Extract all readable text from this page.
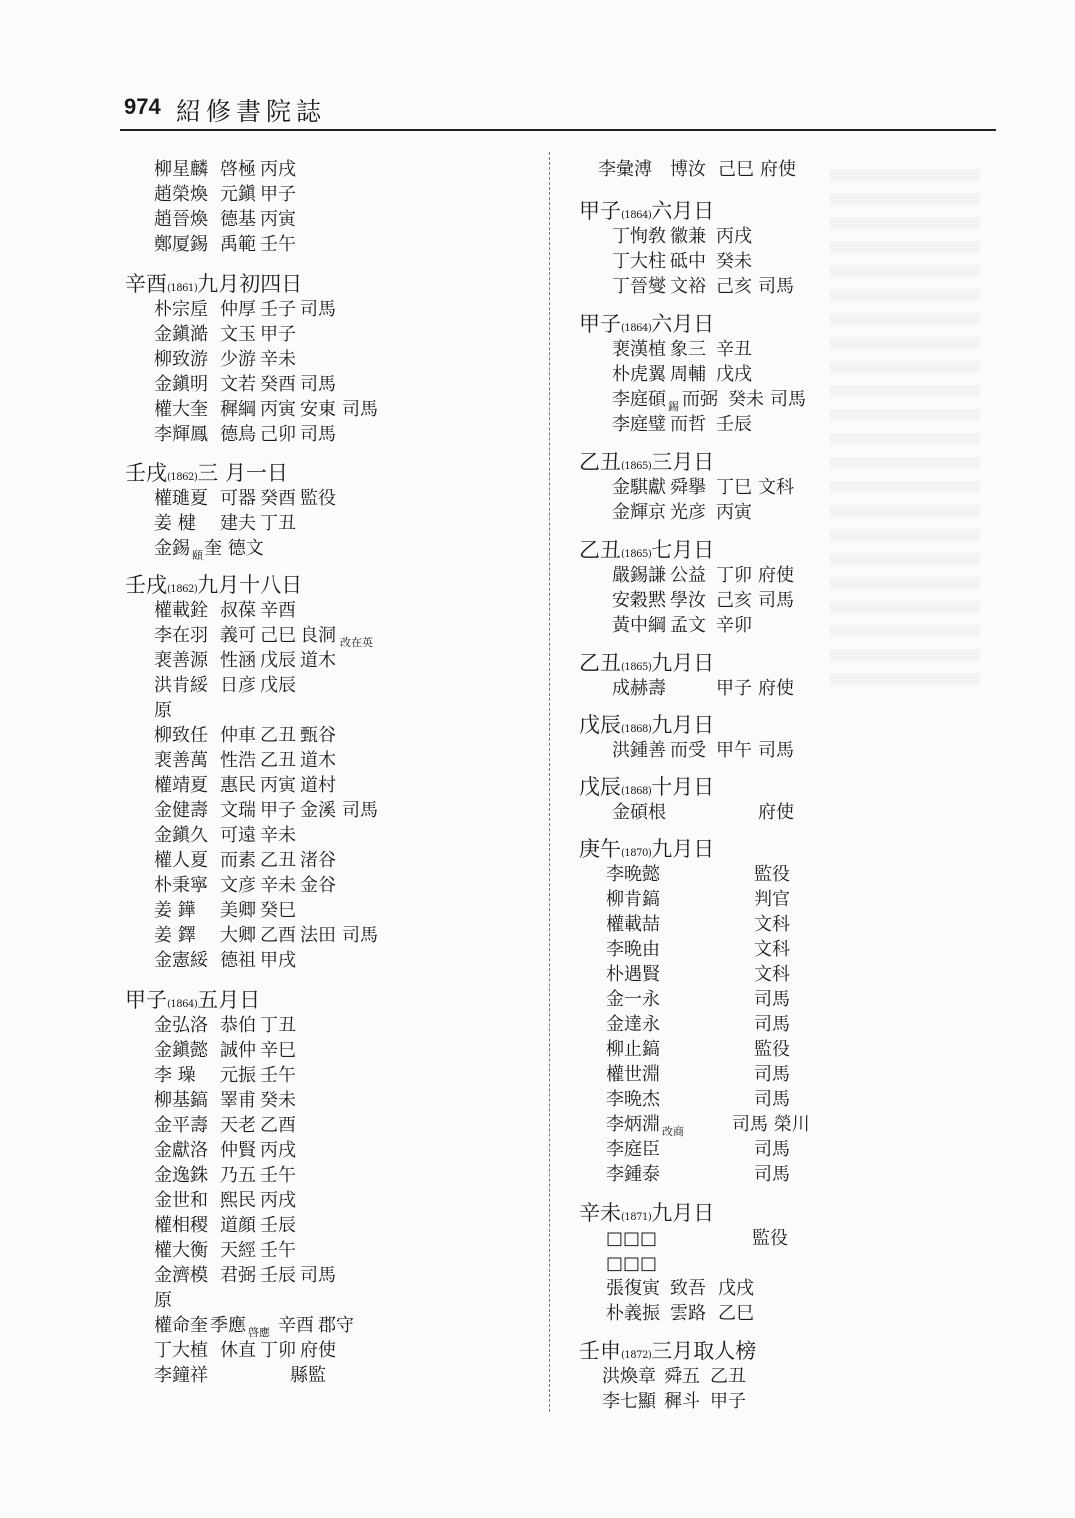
974 紹修書院誌
柳星麟 啓極 丙戌
趙榮煥 元鎭 甲子
趙晉煥 德基 丙寅
鄭厦錫 禹範 壬午
辛酉(1861)九月初四日
朴宗垕 仲厚 壬子 司馬
金鎭澔 文玉 甲子
柳致游 少游 辛未
金鎭明 文若 癸酉 司馬
權大奎 穉綱 丙寅 安東 司馬
李輝鳳 德鳥 己卯 司馬
壬戌(1862)三 月一日
權璡夏 可器 癸酉 監役
姜 楗 建夫 丁丑
金錫 頤 奎 德文
壬戌(1862)九月十八日
權載銓 叔葆 辛酉
李在羽 義可 己巳 良洞 改在英
裵善源 性涵 戊辰 道木
洪肯綏 日彦 戊辰
原
柳致任 仲車 乙丑 甄谷
裵善萬 性浩 乙丑 道木
權靖夏 惠民 丙寅 道村
金健壽 文瑞 甲子 金溪 司馬
金鎭久 可遠 辛未
權人夏 而素 乙丑 渚谷
朴秉寧 文彦 辛未 金谷
姜 鏵 美卿 癸巳
姜 鐸 大卿 乙酉 法田 司馬
金憲綏 德祖 甲戌
甲子(1864)五月日
金弘洛 恭伯 丁丑
金鎭懿 誠仲 辛巳
李 璪 元振 壬午
柳基鎬 睪甫 癸未
金平壽 天老 乙酉
金獻洛 仲賢 丙戌
金逸銖 乃五 壬午
金世和 熙民 丙戌
權相稷 道顔 壬辰
權大衡 天經 壬午
金濟模 君弼 壬辰 司馬
原
權命奎 季應 啓應 辛酉 郡守
丁大植 休直 丁卯 府使
李鐘祥	縣監
李彙溥 博汝 己巳 府使
甲子(1864)六月日
丁恂敎 徽兼 丙戌
丁大柱 砥中 癸未
丁晉燮 文裕 己亥 司馬
甲子(1864)六月日
裵漢植 象三 辛丑
朴虎翼 周輔 戊戌
李庭碩 錫 而弼 癸未 司馬
李庭璧 而哲 壬辰
乙丑(1865)三月日
金騏獻 舜擧 丁巳 文科
金輝京 光彦 丙寅
乙丑(1865)七月日
嚴錫謙 公益 丁卯 府使
安穀黙 學汝 己亥 司馬
黃中綱 孟文 辛卯
乙丑(1865)九月日
成赫壽	甲子 府使
戊辰(1868)九月日
洪鍾善 而受 甲午 司馬
戊辰(1868)十月日
金碩根	府使
庚午(1870)九月日
李晩懿	監役
柳肯鎬	判官
權載喆	文科
李晩由	文科
朴遇賢	文科
金一永	司馬
金達永	司馬
柳止鎬	監役
權世淵	司馬
李晩杰	司馬
李炳淵 改商	司馬 榮川
李庭臣	司馬
李鍾泰	司馬
辛未(1871)九月日
□□□	監役
□□□
張復寅 致吾 戊戌
朴義振 雲路 乙巳
壬申(1872)三月取人榜
洪煥章 舜五 乙丑
李七顯 穉斗 甲子
